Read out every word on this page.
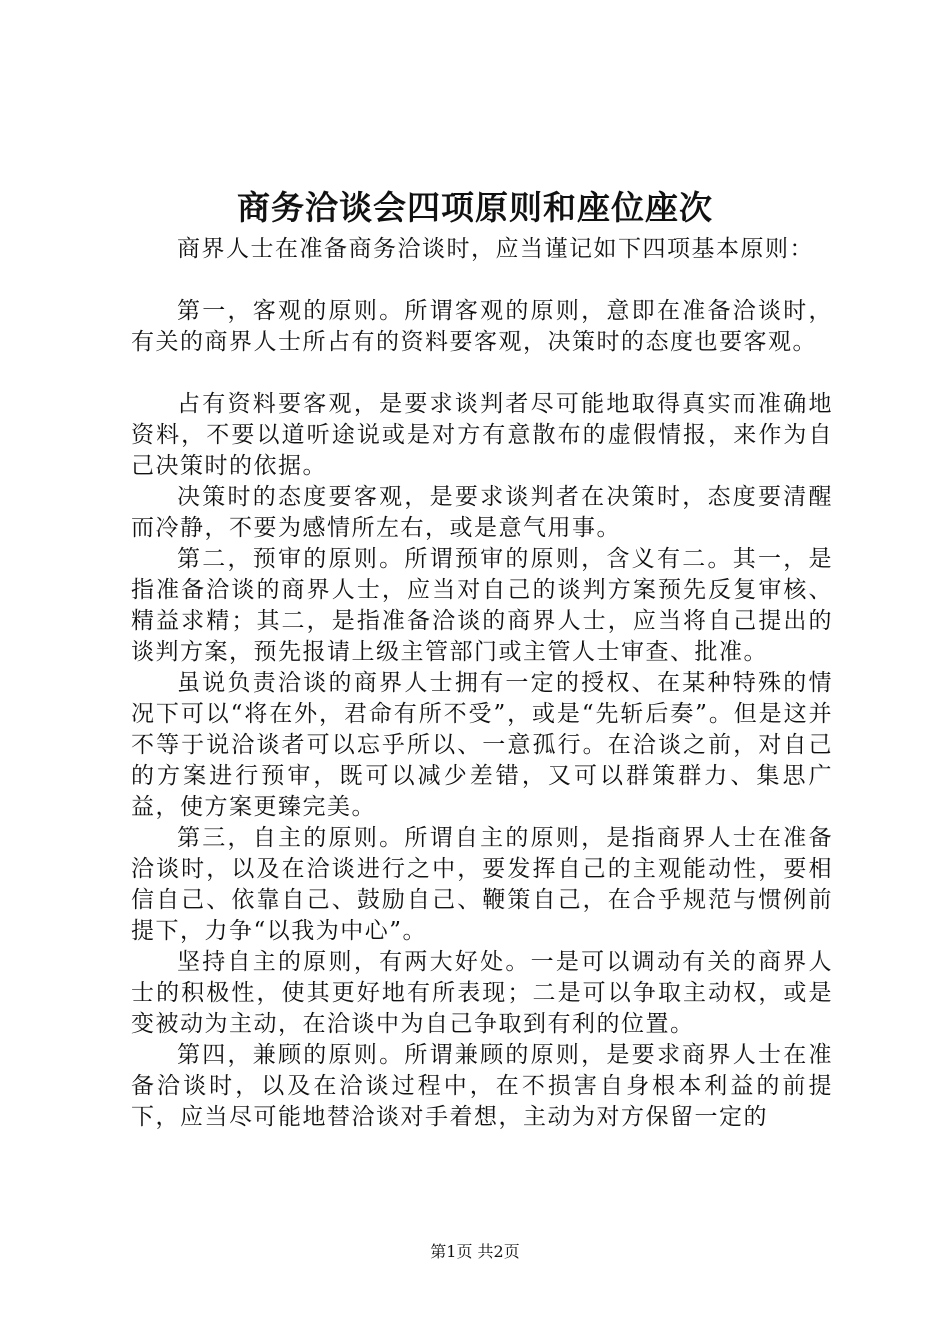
商务洽谈会四项原则和座位座次

商界人士在准备商务洽谈时，应当谨记如下四项基本原则：

第一，客观的原则。所谓客观的原则，意即在准备洽谈时，有关的商界人士所占有的资料要客观，决策时的态度也要客观。

占有资料要客观，是要求谈判者尽可能地取得真实而准确地资料，不要以道听途说或是对方有意散布的虚假情报，来作为自己决策时的依据。

决策时的态度要客观，是要求谈判者在决策时，态度要清醒而冷静，不要为感情所左右，或是意气用事。

第二，预审的原则。所谓预审的原则，含义有二。其一，是指准备洽谈的商界人士，应当对自己的谈判方案预先反复审核、精益求精；其二，是指准备洽谈的商界人士，应当将自己提出的谈判方案，预先报请上级主管部门或主管人士审查、批准。

虽说负责洽谈的商界人士拥有一定的授权、在某种特殊的情况下可以“将在外，君命有所不受”，或是“先斩后奏”。但是这并不等于说洽谈者可以忘乎所以、一意孤行。在洽谈之前，对自己的方案进行预审，既可以减少差错，又可以群策群力、集思广益，使方案更臻完美。

第三，自主的原则。所谓自主的原则，是指商界人士在准备洽谈时，以及在洽谈进行之中，要发挥自己的主观能动性，要相信自己、依靠自己、鼓励自己、鞭策自己，在合乎规范与惯例前提下，力争“以我为中心”。

坚持自主的原则，有两大好处。一是可以调动有关的商界人士的积极性，使其更好地有所表现；二是可以争取主动权，或是变被动为主动，在洽谈中为自己争取到有利的位置。

第四，兼顾的原则。所谓兼顾的原则，是要求商界人士在准备洽谈时，以及在洽谈过程中，在不损害自身根本利益的前提下，应当尽可能地替洽谈对手着想，主动为对方保留一定的

第1页 共2页
